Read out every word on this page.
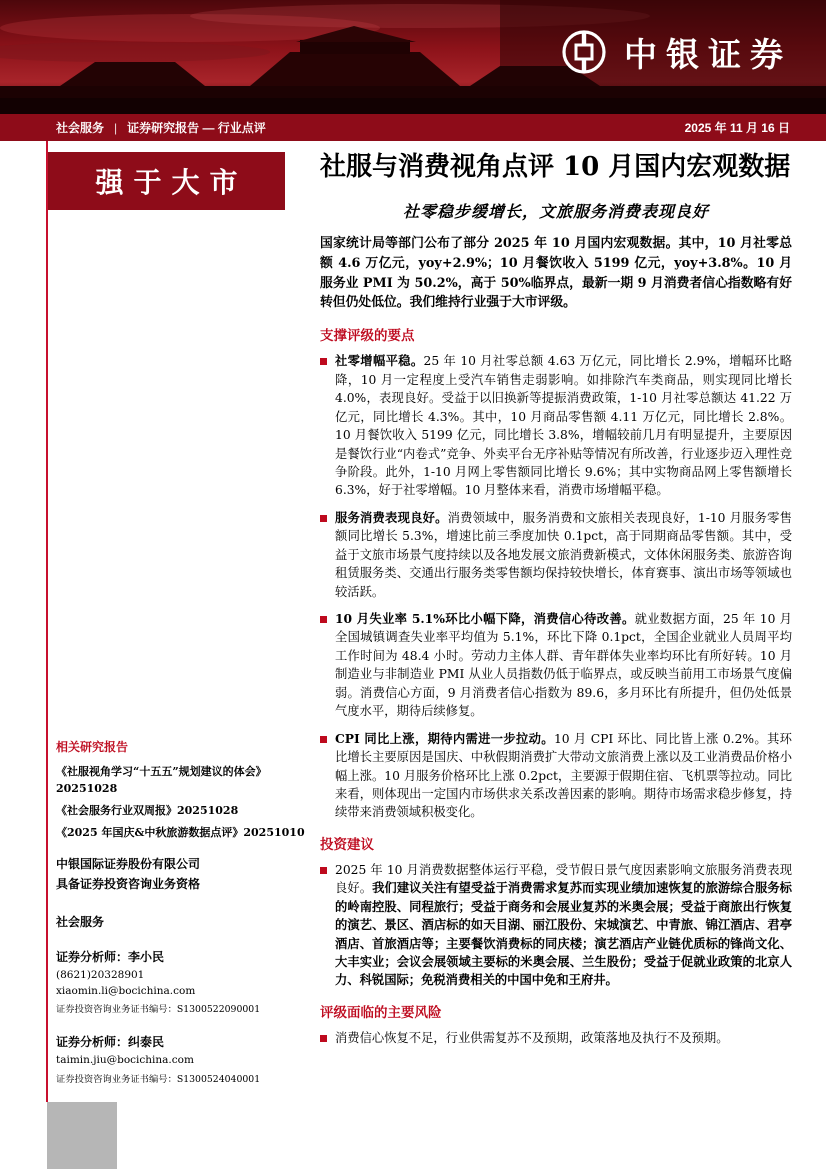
中银证券
社会服务 | 证券研究报告 — 行业点评	2025 年 11 月 16 日
强于大市
相关研究报告
《社服视角学习“十五五”规划建议的体会》20251028
《社会服务行业双周报》20251028
《2025 年国庆&中秋旅游数据点评》20251010
中银国际证券股份有限公司
具备证券投资咨询业务资格
社会服务
证券分析师：李小民
(8621)20328901
xiaomin.li@bocichina.com
证券投资咨询业务证书编号：S1300522090001
证券分析师：纠泰民
taimin.jiu@bocichina.com
证券投资咨询业务证书编号：S1300524040001
社服与消费视角点评 10 月国内宏观数据
社零稳步缓增长，文旅服务消费表现良好

国家统计局等部门公布了部分 2025 年 10 月国内宏观数据。其中，10 月社零总额 4.6 万亿元，yoy+2.9%；10 月餐饮收入 5199 亿元，yoy+3.8%。10 月服务业 PMI 为 50.2%，高于 50%临界点，最新一期 9 月消费者信心指数略有好转但仍处低位。我们维持行业强于大市评级。

支撑评级的要点

社零增幅平稳。25 年 10 月社零总额 4.63 万亿元，同比增长 2.9%，增幅环比略降，10 月一定程度上受汽车销售走弱影响。如排除汽车类商品，则实现同比增长 4.0%，表现良好。受益于以旧换新等提振消费政策，1-10 月社零总额达 41.22 万亿元，同比增长 4.3%。其中，10 月商品零售额 4.11 万亿元，同比增长 2.8%。10 月餐饮收入 5199 亿元，同比增长 3.8%，增幅较前几月有明显提升，主要原因是餐饮行业“内卷式”竞争、外卖平台无序补贴等情况有所改善，行业逐步迈入理性竞争阶段。此外，1-10 月网上零售额同比增长 9.6%；其中实物商品网上零售额增长 6.3%，好于社零增幅。10 月整体来看，消费市场增幅平稳。

服务消费表现良好。消费领域中，服务消费和文旅相关表现良好，1-10 月服务零售额同比增长 5.3%，增速比前三季度加快 0.1pct，高于同期商品零售额。其中，受益于文旅市场景气度持续以及各地发展文旅消费新模式，文体休闲服务类、旅游咨询租赁服务类、交通出行服务类零售额均保持较快增长，体育赛事、演出市场等领域也较活跃。

10 月失业率 5.1%环比小幅下降，消费信心待改善。就业数据方面，25 年 10 月全国城镇调查失业率平均值为 5.1%，环比下降 0.1pct，全国企业就业人员周平均工作时间为 48.4 小时。劳动力主体人群、青年群体失业率均环比有所好转。10 月制造业与非制造业 PMI 从业人员指数仍低于临界点，或反映当前用工市场景气度偏弱。消费信心方面，9 月消费者信心指数为 89.6，多月环比有所提升，但仍处低景气度水平，期待后续修复。

CPI 同比上涨，期待内需进一步拉动。10 月 CPI 环比、同比皆上涨 0.2%。其环比增长主要原因是国庆、中秋假期消费扩大带动文旅消费上涨以及工业消费品价格小幅上涨。10 月服务价格环比上涨 0.2pct，主要源于假期住宿、飞机票等拉动。同比来看，则体现出一定国内市场供求关系改善因素的影响。期待市场需求稳步修复，持续带来消费领域积极变化。

投资建议

2025 年 10 月消费数据整体运行平稳，受节假日景气度因素影响文旅服务消费表现良好。我们建议关注有望受益于消费需求复苏而实现业绩加速恢复的旅游综合服务标的岭南控股、同程旅行；受益于商务和会展业复苏的米奥会展；受益于商旅出行恢复的演艺、景区、酒店标的如天目湖、丽江股份、宋城演艺、中青旅、锦江酒店、君亭酒店、首旅酒店等；主要餐饮消费标的同庆楼；演艺酒店产业链优质标的锋尚文化、大丰实业；会议会展领域主要标的米奥会展、兰生股份；受益于促就业政策的北京人力、科锐国际；免税消费相关的中国中免和王府井。

评级面临的主要风险

消费信心恢复不足，行业供需复苏不及预期，政策落地及执行不及预期。
